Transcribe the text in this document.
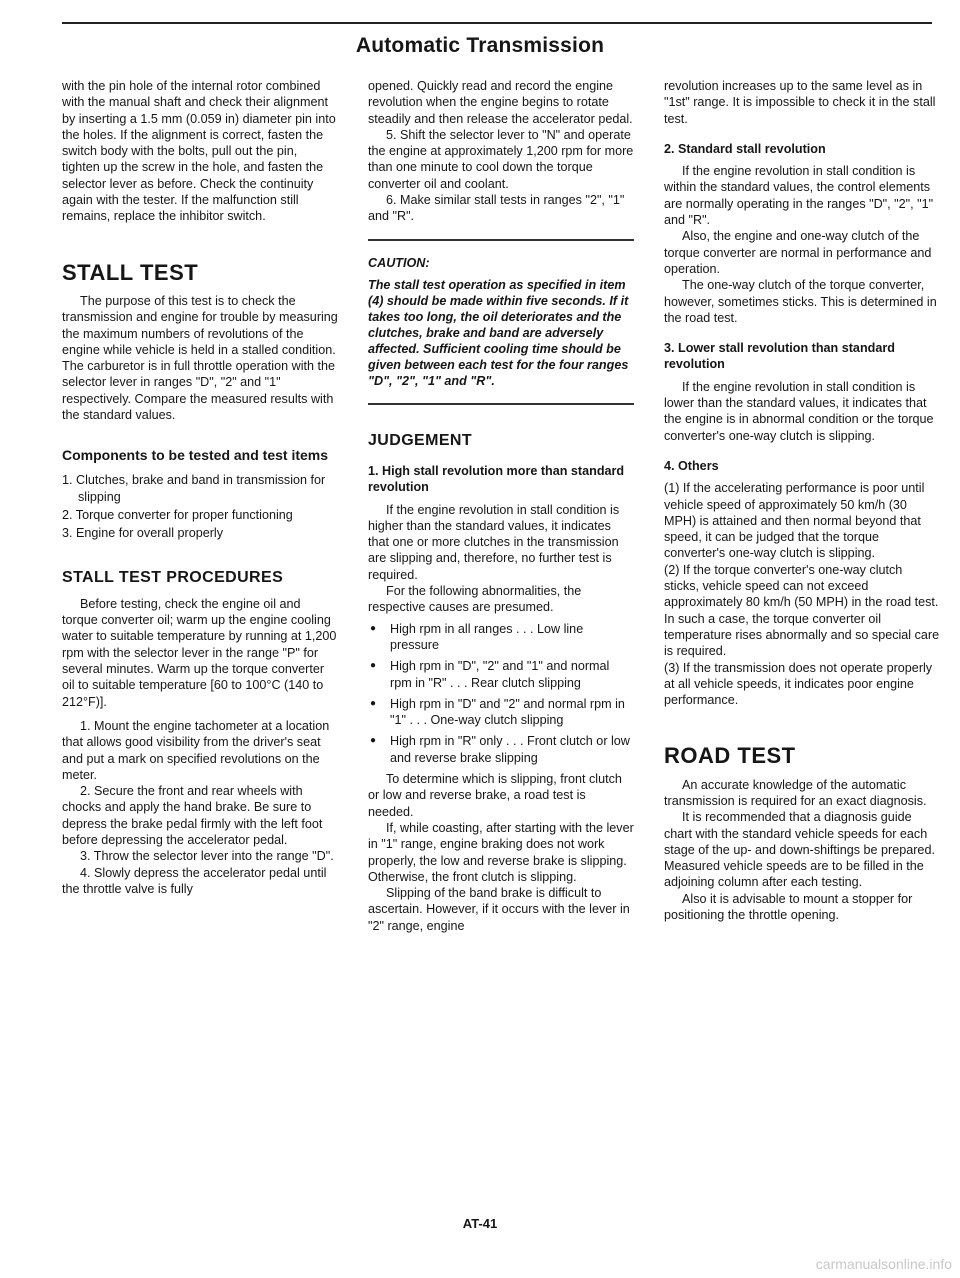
Automatic Transmission

with the pin hole of the internal rotor combined with the manual shaft and check their alignment by inserting a 1.5 mm (0.059 in) diameter pin into the holes. If the alignment is correct, fasten the switch body with the bolts, pull out the pin, tighten up the screw in the hole, and fasten the selector lever as before. Check the continuity again with the tester. If the malfunction still remains, replace the inhibitor switch.

STALL TEST

The purpose of this test is to check the transmission and engine for trouble by measuring the maximum numbers of revolutions of the engine while vehicle is held in a stalled condition. The carburetor is in full throttle operation with the selector lever in ranges "D", "2" and "1" respectively. Compare the measured results with the standard values.

Components to be tested and test items

1. Clutches, brake and band in transmission for slipping

2. Torque converter for proper functioning

3. Engine for overall properly

STALL TEST PROCEDURES

Before testing, check the engine oil and torque converter oil; warm up the engine cooling water to suitable temperature by running at 1,200 rpm with the selector lever in the range "P" for several minutes. Warm up the torque converter oil to suitable temperature [60 to 100°C (140 to 212°F)].

1. Mount the engine tachometer at a location that allows good visibility from the driver's seat and put a mark on specified revolutions on the meter.

2. Secure the front and rear wheels with chocks and apply the hand brake. Be sure to depress the brake pedal firmly with the left foot before depressing the accelerator pedal.

3. Throw the selector lever into the range "D".

4. Slowly depress the accelerator pedal until the throttle valve is fully

opened. Quickly read and record the engine revolution when the engine begins to rotate steadily and then release the accelerator pedal.

5. Shift the selector lever to "N" and operate the engine at approximately 1,200 rpm for more than one minute to cool down the torque converter oil and coolant.

6. Make similar stall tests in ranges "2", "1" and "R".

CAUTION:

The stall test operation as specified in item (4) should be made within five seconds. If it takes too long, the oil deteriorates and the clutches, brake and band are adversely affected. Sufficient cooling time should be given between each test for the four ranges "D", "2", "1" and "R".

JUDGEMENT
1. High stall revolution more than standard revolution

If the engine revolution in stall condition is higher than the standard values, it indicates that one or more clutches in the transmission are slipping and, therefore, no further test is required.

For the following abnormalities, the respective causes are presumed.

● High rpm in all ranges . . . Low line pressure

● High rpm in "D", "2" and "1" and normal rpm in "R" . . . Rear clutch slipping

● High rpm in "D" and "2" and normal rpm in "1" . . . One-way clutch slipping

● High rpm in "R" only . . . Front clutch or low and reverse brake slipping

To determine which is slipping, front clutch or low and reverse brake, a road test is needed.

If, while coasting, after starting with the lever in "1" range, engine braking does not work properly, the low and reverse brake is slipping. Otherwise, the front clutch is slipping.

Slipping of the band brake is difficult to ascertain. However, if it occurs with the lever in "2" range, engine

revolution increases up to the same level as in "1st" range. It is impossible to check it in the stall test.

2. Standard stall revolution

If the engine revolution in stall condition is within the standard values, the control elements are normally operating in the ranges "D", "2", "1" and "R".

Also, the engine and one-way clutch of the torque converter are normal in performance and operation.

The one-way clutch of the torque converter, however, sometimes sticks. This is determined in the road test.

3. Lower stall revolution than standard revolution

If the engine revolution in stall condition is lower than the standard values, it indicates that the engine is in abnormal condition or the torque converter's one-way clutch is slipping.

4. Others

(1) If the accelerating performance is poor until vehicle speed of approximately 50 km/h (30 MPH) is attained and then normal beyond that speed, it can be judged that the torque converter's one-way clutch is slipping.

(2) If the torque converter's one-way clutch sticks, vehicle speed can not exceed approximately 80 km/h (50 MPH) in the road test. In such a case, the torque converter oil temperature rises abnormally and so special care is required.

(3) If the transmission does not operate properly at all vehicle speeds, it indicates poor engine performance.

ROAD TEST

An accurate knowledge of the automatic transmission is required for an exact diagnosis.

It is recommended that a diagnosis guide chart with the standard vehicle speeds for each stage of the up- and down-shiftings be prepared. Measured vehicle speeds are to be filled in the adjoining column after each testing.

Also it is advisable to mount a stopper for positioning the throttle opening.

AT-41
carmanualsonline.info
